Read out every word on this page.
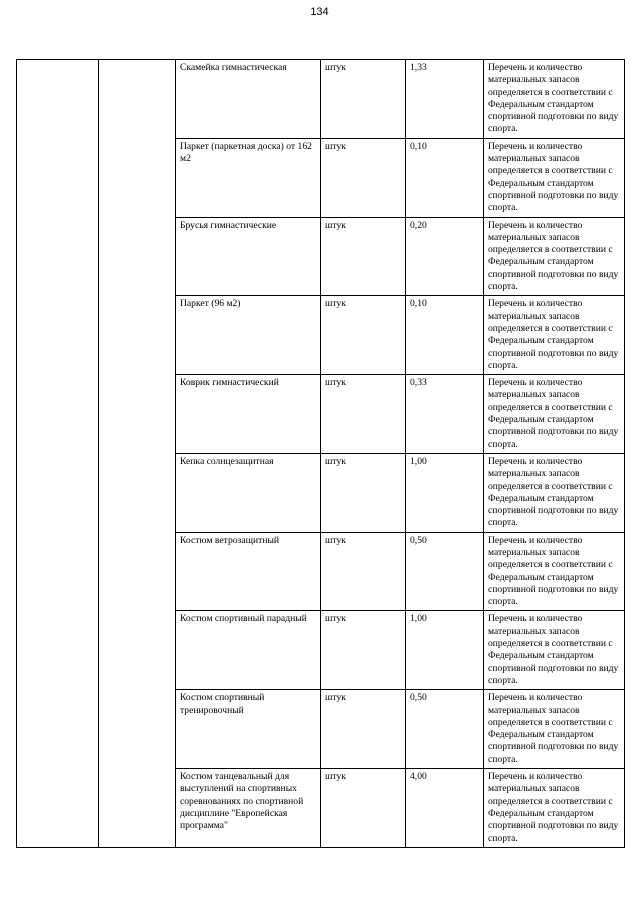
134
		Скамейка гимнастическая	штук	1,33	Перечень и количество материальных запасов определяется в соответствии с Федеральным стандартом спортивной подготовки по виду спорта.
		Паркет (паркетная доска) от 162 м2	штук	0,10	Перечень и количество материальных запасов определяется в соответствии с Федеральным стандартом спортивной подготовки по виду спорта.
		Брусья гимнастические	штук	0,20	Перечень и количество материальных запасов определяется в соответствии с Федеральным стандартом спортивной подготовки по виду спорта.
		Паркет (96 м2)	штук	0,10	Перечень и количество материальных запасов определяется в соответствии с Федеральным стандартом спортивной подготовки по виду спорта.
		Коврик гимнастический	штук	0,33	Перечень и количество материальных запасов определяется в соответствии с Федеральным стандартом спортивной подготовки по виду спорта.
		Кепка солнцезащитная	штук	1,00	Перечень и количество материальных запасов определяется в соответствии с Федеральным стандартом спортивной подготовки по виду спорта.
		Костюм ветрозащитный	штук	0,50	Перечень и количество материальных запасов определяется в соответствии с Федеральным стандартом спортивной подготовки по виду спорта.
		Костюм спортивный парадный	штук	1,00	Перечень и количество материальных запасов определяется в соответствии с Федеральным стандартом спортивной подготовки по виду спорта.
		Костюм спортивный тренировочный	штук	0,50	Перечень и количество материальных запасов определяется в соответствии с Федеральным стандартом спортивной подготовки по виду спорта.
		Костюм танцевальный для выступлений на спортивных соревнованиях по спортивной дисциплине "Европейская программа"	штук	4,00	Перечень и количество материальных запасов определяется в соответствии с Федеральным стандартом спортивной подготовки по виду спорта.
